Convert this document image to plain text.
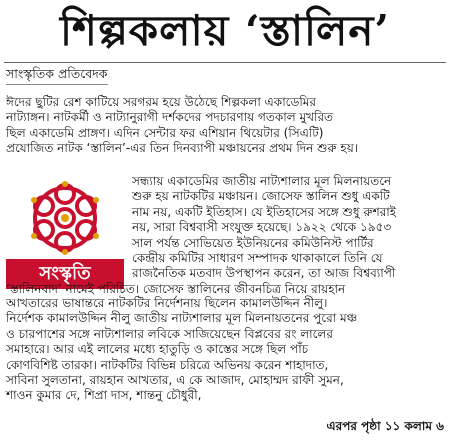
শিল্পকলায় ‘স্তালিন’
সাংস্কৃতিক প্রতিবেদক
ঈদের ছুটির রেশ কাটিয়ে সরগরম হয়ে উঠেছে শিল্পকলা একাডেমির
নাট্যাঙ্গন। নাটকর্মী ও নাট্যানুরাগী দর্শকদের পদচারণায় গতকাল মুখরিত
ছিল একাডেমি প্রাঙ্গণ। এদিন সেন্টার ফর এশিয়ান থিয়েটার (সিএটি)
প্রযোজিত নাটক ‘স্তালিন’-এর তিন দিনব্যাপী মঞ্চায়নের প্রথম দিন শুরু হয়।
সংস্কৃতি
সন্ধ্যায় একাডেমির জাতীয় নাট্যশালার মূল মিলনায়তনে
শুরু হয় নাটকটির মঞ্চায়ন। জোসেফ স্তালিন শুধু একটি
নাম নয়, একটি ইতিহাস। যে ইতিহাসের সঙ্গে শুধু রুশরাই
নয়, সারা বিশ্ববাসী সংযুক্ত হয়েছে। ১৯২২ থেকে ১৯৫৩
সাল পর্যন্ত সোভিয়েত ইউনিয়নের কমিউনিস্ট পার্টির
কেন্দ্রীয় কমিটির সাধারণ সম্পাদক থাকাকালে তিনি যে
রাজনৈতিক মতবাদ উপস্থাপন করেন, তা আজ বিশ্বব্যাপী
‘স্তালিনবাদ’ নামেই পরিচিত। জোসেফ স্তালিনের জীবনচিত্র নিয়ে রায়হান
আখতারের ভাষান্তরে নাটকটির নির্দেশনায় ছিলেন কামালউদ্দিন নীলু।
নির্দেশক কামালউদ্দিন নীলু জাতীয় নাট্যশালার মূল মিলনায়তনের পুরো মঞ্চ
ও চারপাশের সঙ্গে নাট্যশালার লবিকে সাজিয়েছেন বিপ্লবের রং লালের
সমাহারে। আর এই লালের মধ্যে হাতুড়ি ও কাস্তের সঙ্গে ছিল পাঁচ
কোণবিশিষ্ট তারকা। নাটকটির বিভিন্ন চরিত্রে অভিনয় করেন শাহাদাত,
সাবিনা সুলতানা, রায়হান আখতার, এ কে আজাদ, মোহাম্মদ রাফী সুমন,
শাওন কুমার দে, শিপ্রা দাস, শান্তনু চৌধুরী,
এরপর পৃষ্ঠা ১১ কলাম ৬
